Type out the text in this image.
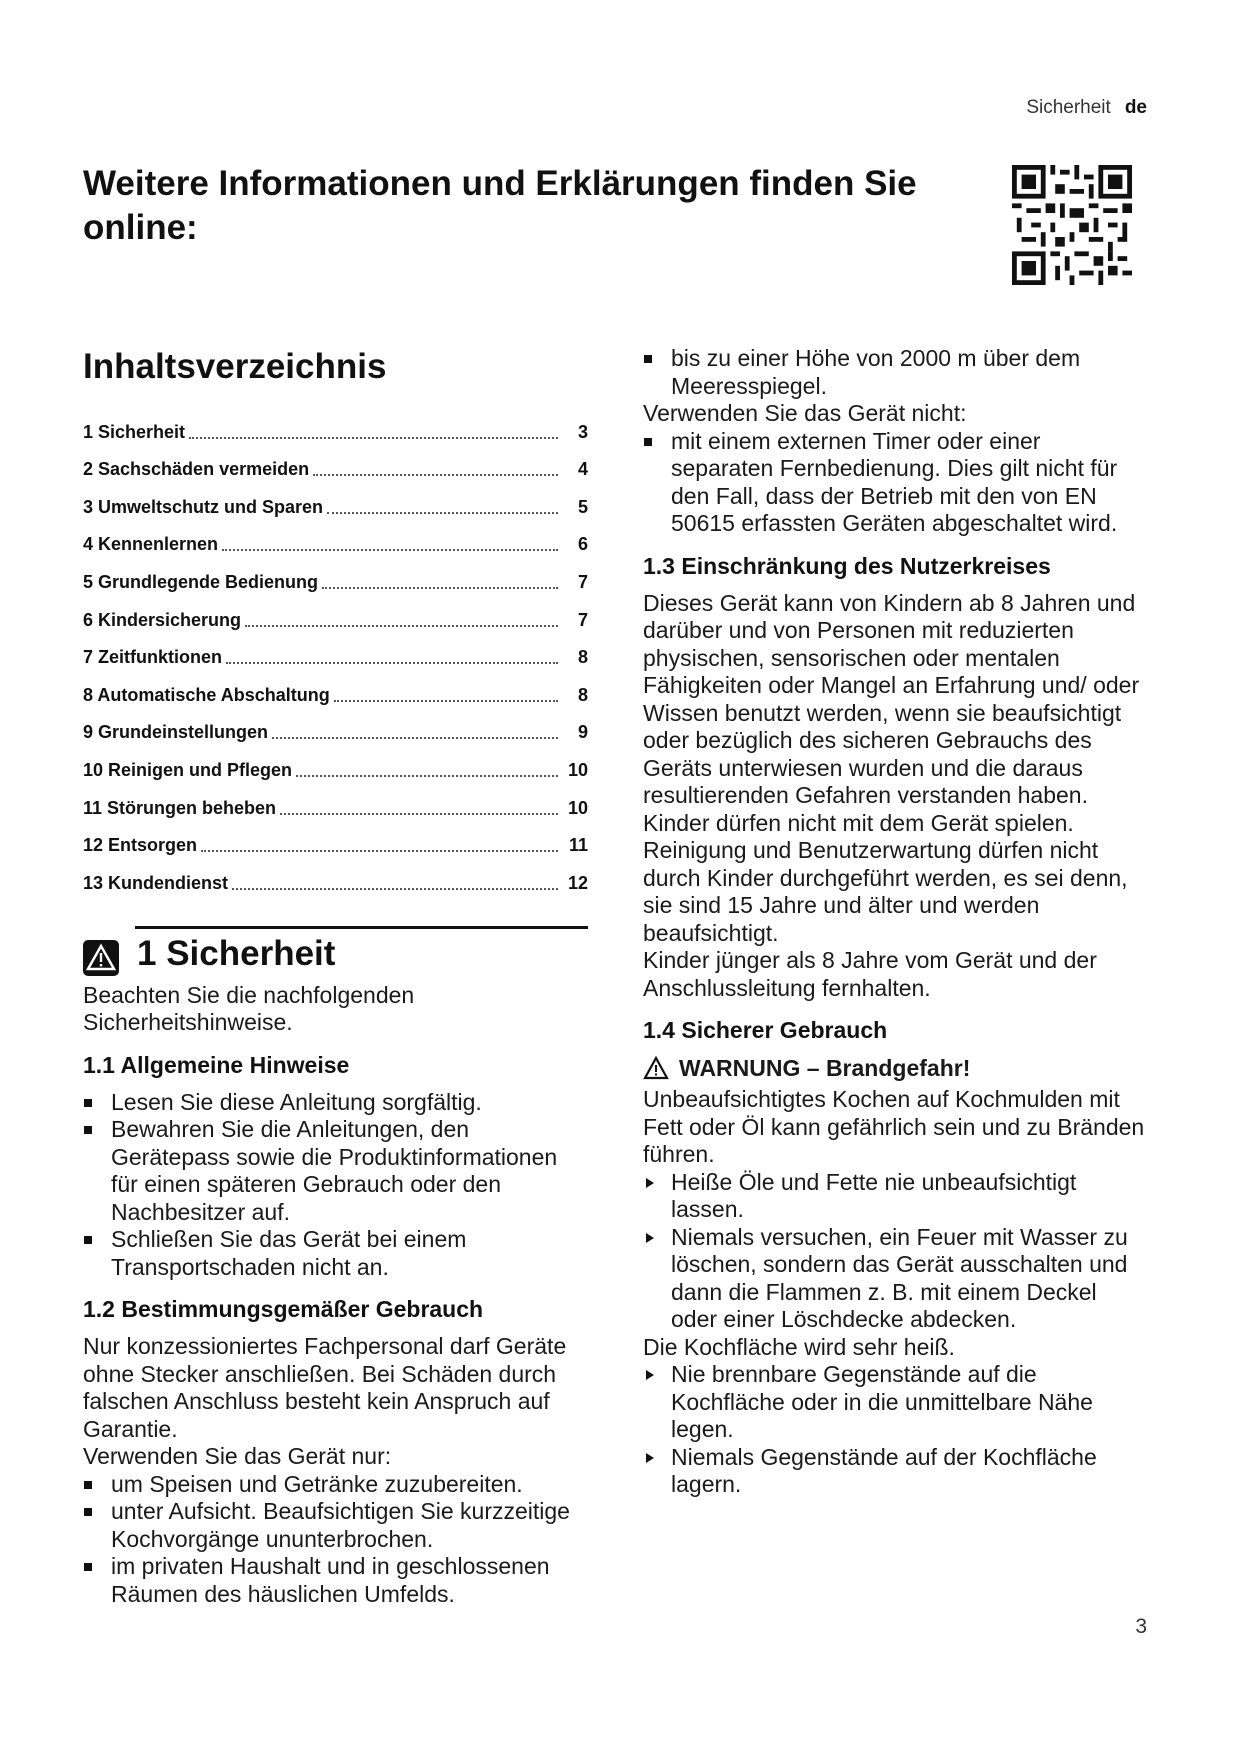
Sicherheit de
Weitere Informationen und Erklärungen finden Sie online:
Inhaltsverzeichnis
1 Sicherheit	3
2 Sachschäden vermeiden	4
3 Umweltschutz und Sparen	5
4 Kennenlernen	6
5 Grundlegende Bedienung	7
6 Kindersicherung	7
7 Zeitfunktionen	8
8 Automatische Abschaltung	8
9 Grundeinstellungen	9
10 Reinigen und Pflegen	10
11 Störungen beheben	10
12 Entsorgen	11
13 Kundendienst	12
1 Sicherheit

Beachten Sie die nachfolgenden Sicherheitshinweise.

1.1 Allgemeine Hinweise
Lesen Sie diese Anleitung sorgfältig.
Bewahren Sie die Anleitungen, den Gerätepass sowie die Produktinformationen für einen späteren Gebrauch oder den Nachbesitzer auf.
Schließen Sie das Gerät bei einem Transportschaden nicht an.
1.2 Bestimmungsgemäßer Gebrauch

Nur konzessioniertes Fachpersonal darf Geräte ohne Stecker anschließen. Bei Schäden durch falschen Anschluss besteht kein Anspruch auf Garantie.

Verwenden Sie das Gerät nur:

um Speisen und Getränke zuzubereiten.
unter Aufsicht. Beaufsichtigen Sie kurzzeitige Kochvorgänge ununterbrochen.
im privaten Haushalt und in geschlossenen Räumen des häuslichen Umfelds.
bis zu einer Höhe von 2000 m über dem Meeresspiegel.

Verwenden Sie das Gerät nicht:

mit einem externen Timer oder einer separaten Fernbedienung. Dies gilt nicht für den Fall, dass der Betrieb mit den von EN 50615 erfassten Geräten abgeschaltet wird.
1.3 Einschränkung des Nutzerkreises

Dieses Gerät kann von Kindern ab 8 Jahren und darüber und von Personen mit reduzierten physischen, sensorischen oder mentalen Fähigkeiten oder Mangel an Erfahrung und/ oder Wissen benutzt werden, wenn sie beaufsichtigt oder bezüglich des sicheren Gebrauchs des Geräts unterwiesen wurden und die daraus resultierenden Gefahren verstanden haben.

Kinder dürfen nicht mit dem Gerät spielen.

Reinigung und Benutzerwartung dürfen nicht durch Kinder durchgeführt werden, es sei denn, sie sind 15 Jahre und älter und werden beaufsichtigt.

Kinder jünger als 8 Jahre vom Gerät und der Anschlussleitung fernhalten.

1.4 Sicherer Gebrauch
WARNUNG – Brandgefahr!

Unbeaufsichtigtes Kochen auf Kochmulden mit Fett oder Öl kann gefährlich sein und zu Bränden führen.

Heiße Öle und Fette nie unbeaufsichtigt lassen.
Niemals versuchen, ein Feuer mit Wasser zu löschen, sondern das Gerät ausschalten und dann die Flammen z. B. mit einem Deckel oder einer Löschdecke abdecken.

Die Kochfläche wird sehr heiß.

Nie brennbare Gegenstände auf die Kochfläche oder in die unmittelbare Nähe legen.
Niemals Gegenstände auf der Kochfläche lagern.
3
